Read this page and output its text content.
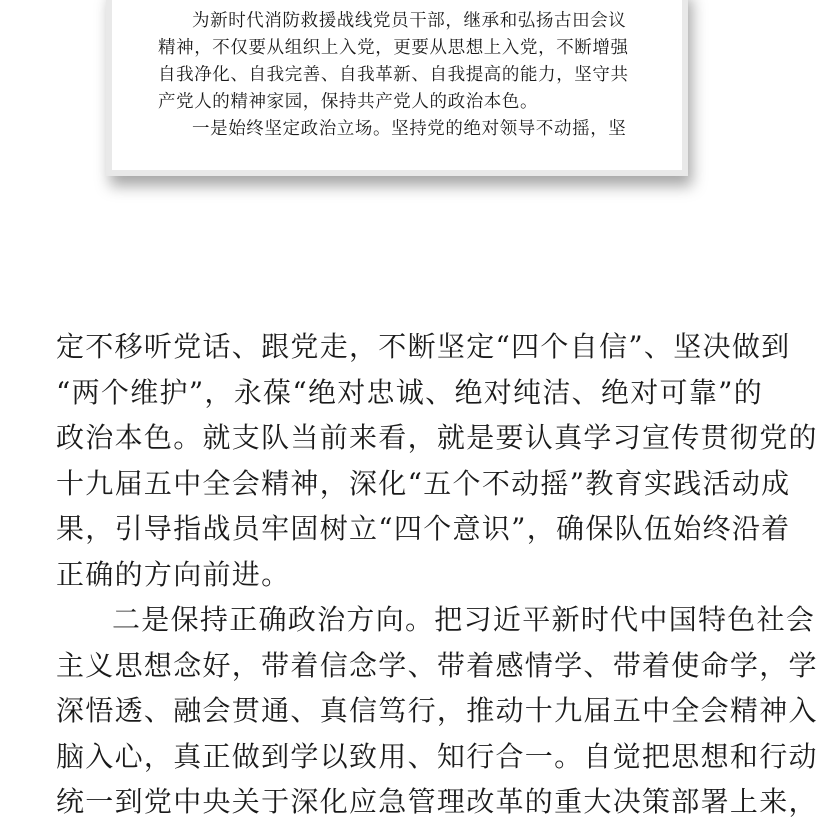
为新时代消防救援战线党员干部，继承和弘扬古田会议
精神，不仅要从组织上入党，更要从思想上入党，不断增强
自我净化、自我完善、自我革新、自我提高的能力，坚守共
产党人的精神家园，保持共产党人的政治本色。
一是始终坚定政治立场。坚持党的绝对领导不动摇，坚
定不移听党话、跟党走，不断坚定“四个自信”、坚决做到
“两个维护”，永葆“绝对忠诚、绝对纯洁、绝对可靠”的
政治本色。就支队当前来看，就是要认真学习宣传贯彻党的
十九届五中全会精神，深化“五个不动摇”教育实践活动成
果，引导指战员牢固树立“四个意识”，确保队伍始终沿着
正确的方向前进。
二是保持正确政治方向。把习近平新时代中国特色社会
主义思想念好，带着信念学、带着感情学、带着使命学，学
深悟透、融会贯通、真信笃行，推动十九届五中全会精神入
脑入心，真正做到学以致用、知行合一。自觉把思想和行动
统一到党中央关于深化应急管理改革的重大决策部署上来，
